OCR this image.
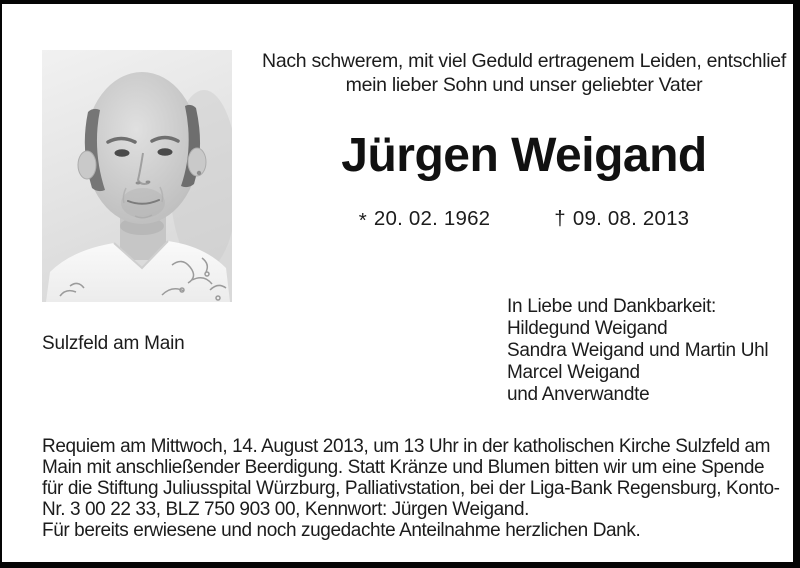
Sulzfeld am Main
Nach schwerem, mit viel Geduld ertragenem Leiden, entschlief
mein lieber Sohn und unser geliebter Vater
Jürgen Weigand
* 20. 02. 1962	† 09. 08. 2013
In Liebe und Dankbarkeit:
Hildegund Weigand
Sandra Weigand und Martin Uhl
Marcel Weigand
und Anverwandte
Requiem am Mittwoch, 14. August 2013, um 13 Uhr in der katholischen Kirche Sulzfeld am
Main mit anschließender Beerdigung. Statt Kränze und Blumen bitten wir um eine Spende
für die Stiftung Juliusspital Würzburg, Palliativstation, bei der Liga-Bank Regensburg, Konto-
Nr. 3 00 22 33, BLZ 750 903 00, Kennwort: Jürgen Weigand.
Für bereits erwiesene und noch zugedachte Anteilnahme herzlichen Dank.
